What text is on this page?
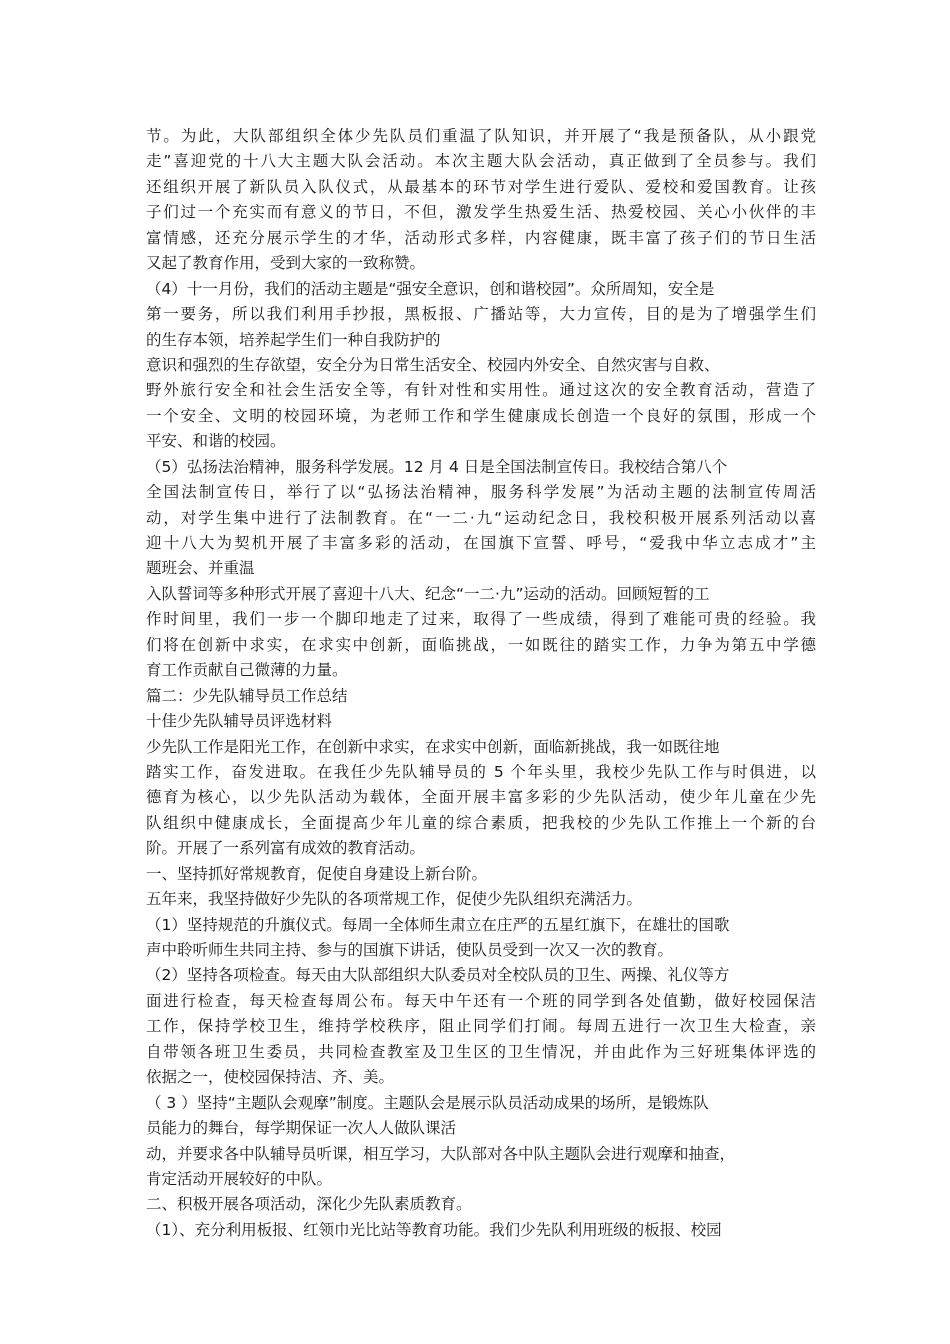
节。为此，大队部组织全体少先队员们重温了队知识，并开展了“我是预备队，从小跟党
走”喜迎党的十八大主题大队会活动。本次主题大队会活动，真正做到了全员参与。我们
还组织开展了新队员入队仪式，从最基本的环节对学生进行爱队、爱校和爱国教育。让孩
子们过一个充实而有意义的节日，不但，激发学生热爱生活、热爱校园、关心小伙伴的丰
富情感，还充分展示学生的才华，活动形式多样，内容健康，既丰富了孩子们的节日生活
又起了教育作用，受到大家的一致称赞。
（4）十一月份，我们的活动主题是“强安全意识，创和谐校园”。众所周知，安全是
第一要务，所以我们利用手抄报，黑板报、广播站等，大力宣传，目的是为了增强学生们
的生存本领，培养起学生们一种自我防护的
意识和强烈的生存欲望，安全分为日常生活安全、校园内外安全、自然灾害与自救、
野外旅行安全和社会生活安全等，有针对性和实用性。通过这次的安全教育活动，营造了
一个安全、文明的校园环境，为老师工作和学生健康成长创造一个良好的氛围，形成一个
平安、和谐的校园。
（5）弘扬法治精神，服务科学发展。12 月 4 日是全国法制宣传日。我校结合第八个
全国法制宣传日，举行了以“弘扬法治精神，服务科学发展”为活动主题的法制宣传周活
动，对学生集中进行了法制教育。在“一二·九“运动纪念日，我校积极开展系列活动以喜
迎十八大为契机开展了丰富多彩的活动，在国旗下宣誓、呼号，“爱我中华立志成才”主
题班会、并重温
入队誓词等多种形式开展了喜迎十八大、纪念“一二·九”运动的活动。回顾短暂的工
作时间里，我们一步一个脚印地走了过来，取得了一些成绩，得到了难能可贵的经验。我
们将在创新中求实，在求实中创新，面临挑战，一如既往的踏实工作，力争为第五中学德
育工作贡献自己微薄的力量。
篇二：少先队辅导员工作总结
十佳少先队辅导员评选材料
少先队工作是阳光工作，在创新中求实，在求实中创新，面临新挑战，我一如既往地
踏实工作，奋发进取。在我任少先队辅导员的 5 个年头里，我校少先队工作与时俱进，以
德育为核心，以少先队活动为载体，全面开展丰富多彩的少先队活动，使少年儿童在少先
队组织中健康成长，全面提高少年儿童的综合素质，把我校的少先队工作推上一个新的台
阶。开展了一系列富有成效的教育活动。
一、坚持抓好常规教育，促使自身建设上新台阶。
五年来，我坚持做好少先队的各项常规工作，促使少先队组织充满活力。
（1）坚持规范的升旗仪式。每周一全体师生肃立在庄严的五星红旗下，在雄壮的国歌
声中聆听师生共同主持、参与的国旗下讲话，使队员受到一次又一次的教育。
（2）坚持各项检查。每天由大队部组织大队委员对全校队员的卫生、两操、礼仪等方
面进行检查，每天检查每周公布。每天中午还有一个班的同学到各处值勤，做好校园保洁
工作，保持学校卫生，维持学校秩序，阻止同学们打闹。每周五进行一次卫生大检查，亲
自带领各班卫生委员，共同检查教室及卫生区的卫生情况，并由此作为三好班集体评选的
依据之一，使校园保持洁、齐、美。
（ 3 ）坚持“主题队会观摩”制度。主题队会是展示队员活动成果的场所，是锻炼队
员能力的舞台，每学期保证一次人人做队课活
动，并要求各中队辅导员听课，相互学习，大队部对各中队主题队会进行观摩和抽查，
肯定活动开展较好的中队。
二、积极开展各项活动，深化少先队素质教育。
（1）、充分利用板报、红领巾光比站等教育功能。我们少先队利用班级的板报、校园
